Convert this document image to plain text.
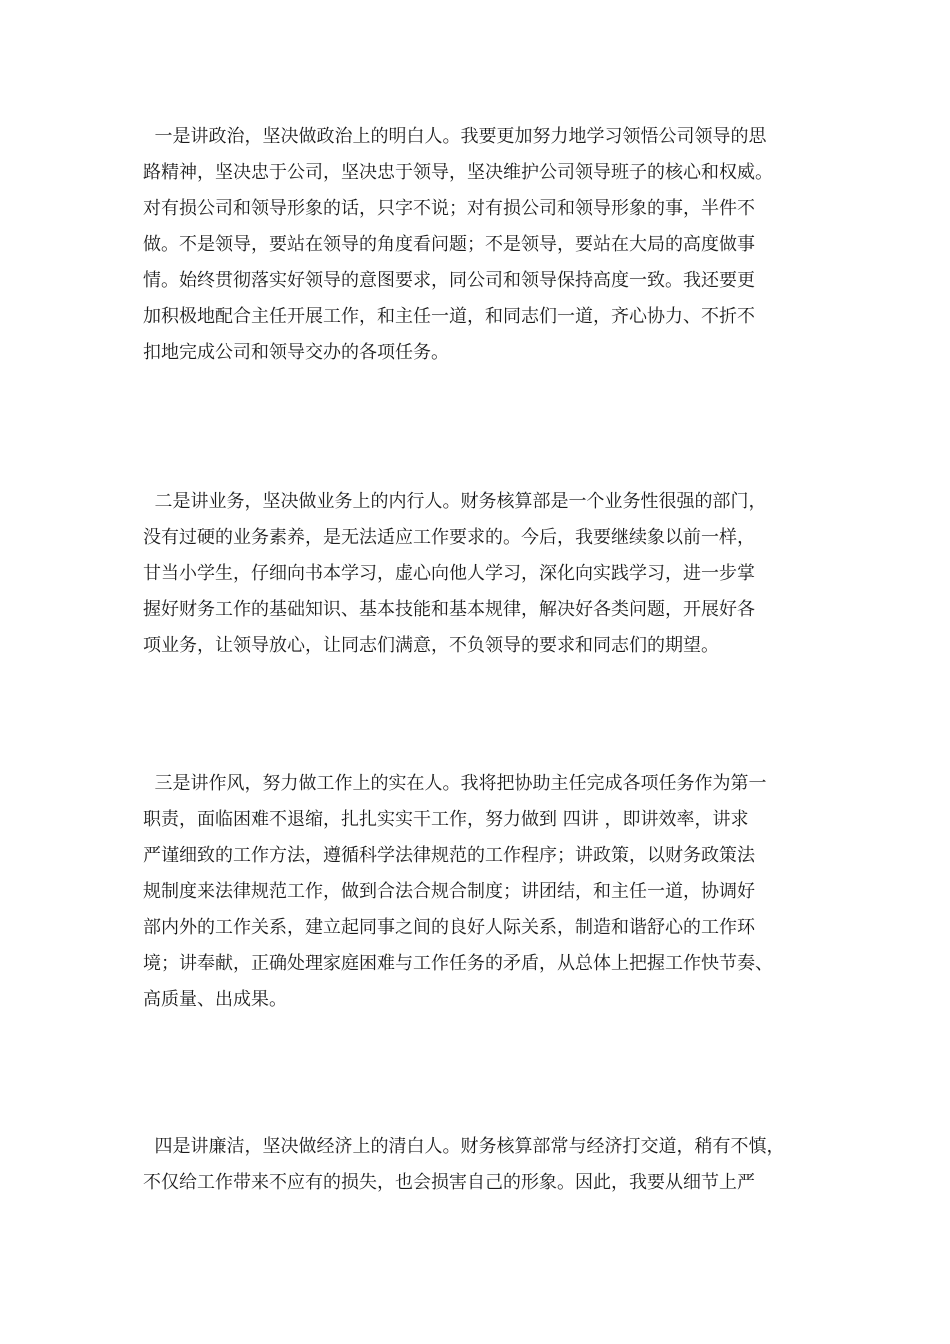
一是讲政治，坚决做政治上的明白人。我要更加努力地学习领悟公司领导的思
路精神，坚决忠于公司，坚决忠于领导，坚决维护公司领导班子的核心和权威。
对有损公司和领导形象的话，只字不说；对有损公司和领导形象的事，半件不
做。不是领导，要站在领导的角度看问题；不是领导，要站在大局的高度做事
情。始终贯彻落实好领导的意图要求，同公司和领导保持高度一致。我还要更
加积极地配合主任开展工作，和主任一道，和同志们一道，齐心协力、不折不
扣地完成公司和领导交办的各项任务。
二是讲业务，坚决做业务上的内行人。财务核算部是一个业务性很强的部门，
没有过硬的业务素养，是无法适应工作要求的。今后，我要继续象以前一样，
甘当小学生，仔细向书本学习，虚心向他人学习，深化向实践学习，进一步掌
握好财务工作的基础知识、基本技能和基本规律，解决好各类问题，开展好各
项业务，让领导放心，让同志们满意，不负领导的要求和同志们的期望。
三是讲作风，努力做工作上的实在人。我将把协助主任完成各项任务作为第一
职责，面临困难不退缩，扎扎实实干工作，努力做到 四讲 ，即讲效率，讲求
严谨细致的工作方法，遵循科学法律规范的工作程序；讲政策，以财务政策法
规制度来法律规范工作，做到合法合规合制度；讲团结，和主任一道，协调好
部内外的工作关系，建立起同事之间的良好人际关系，制造和谐舒心的工作环
境；讲奉献，正确处理家庭困难与工作任务的矛盾，从总体上把握工作快节奏、
高质量、出成果。
四是讲廉洁，坚决做经济上的清白人。财务核算部常与经济打交道，稍有不慎，
不仅给工作带来不应有的损失，也会损害自己的形象。因此，我要从细节上严
